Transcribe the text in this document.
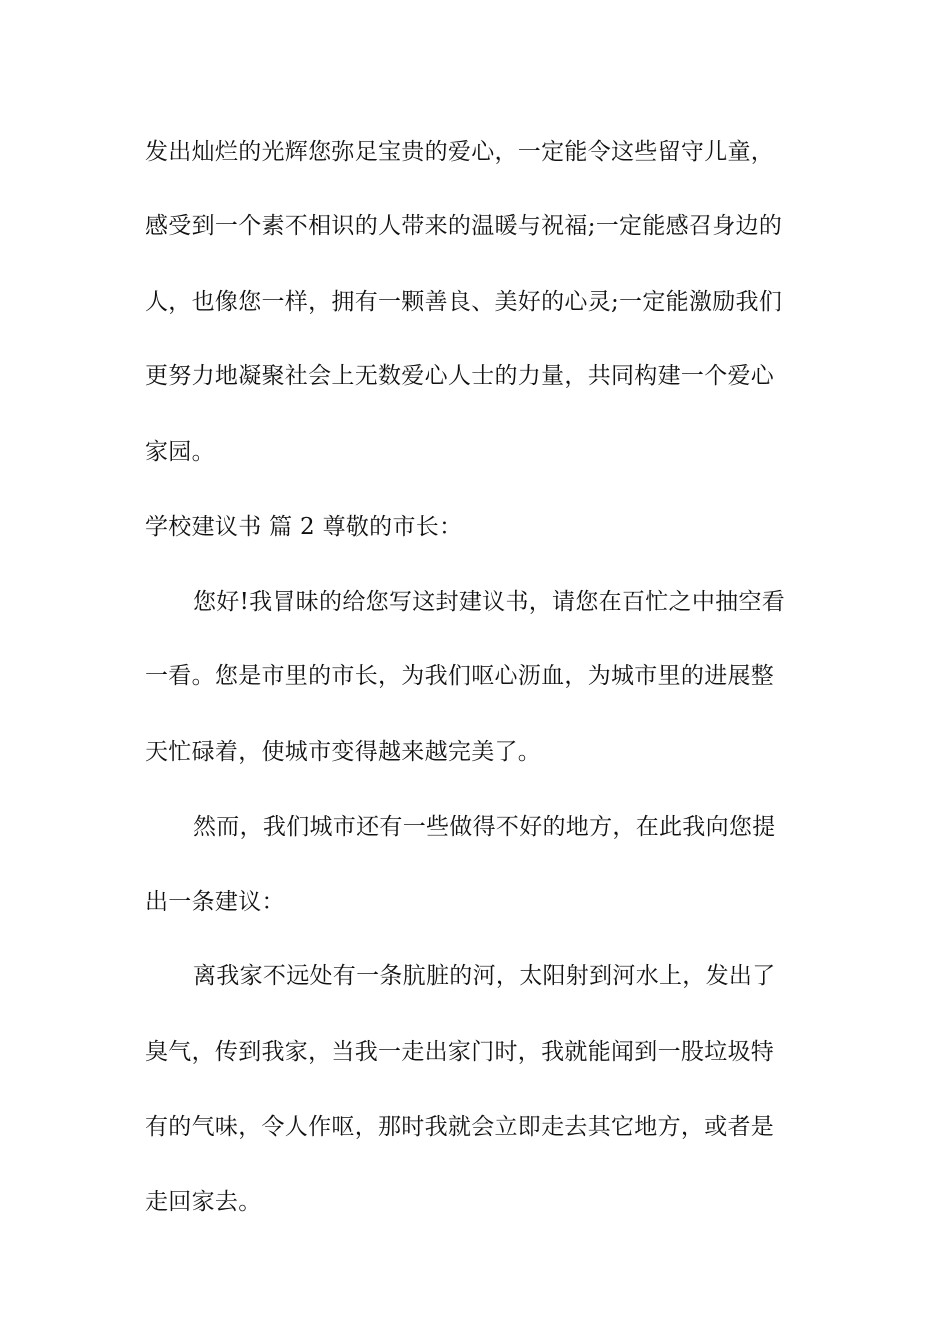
发出灿烂的光辉您弥足宝贵的爱心，一定能令这些留守儿童，
感受到一个素不相识的人带来的温暖与祝福;一定能感召身边的
人，也像您一样，拥有一颗善良、美好的心灵;一定能激励我们
更努力地凝聚社会上无数爱心人士的力量，共同构建一个爱心
家园。
学校建议书 篇 2 尊敬的市长：
您好!我冒昧的给您写这封建议书，请您在百忙之中抽空看
一看。您是市里的市长，为我们呕心沥血，为城市里的进展整
天忙碌着，使城市变得越来越完美了。
然而，我们城市还有一些做得不好的地方，在此我向您提
出一条建议：
离我家不远处有一条肮脏的河，太阳射到河水上，发出了
臭气，传到我家，当我一走出家门时，我就能闻到一股垃圾特
有的气味，令人作呕，那时我就会立即走去其它地方，或者是
走回家去。
